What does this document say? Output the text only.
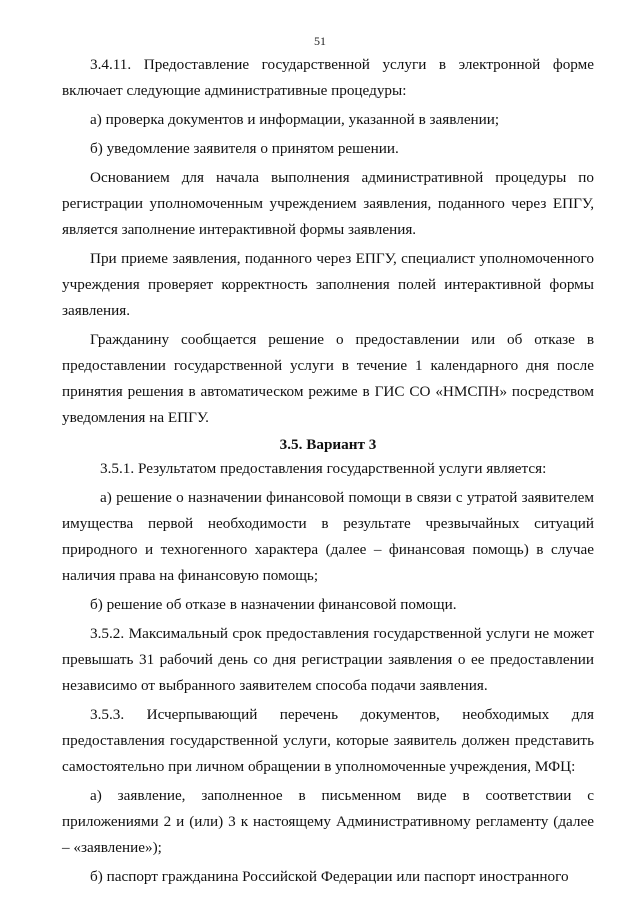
51

3.4.11. Предоставление государственной услуги в электронной форме включает следующие административные процедуры:

а) проверка документов и информации, указанной в заявлении;

б) уведомление заявителя о принятом решении.

Основанием для начала выполнения административной процедуры по регистрации уполномоченным учреждением заявления, поданного через ЕПГУ, является заполнение интерактивной формы заявления.

При приеме заявления, поданного через ЕПГУ, специалист уполномоченного учреждения проверяет корректность заполнения полей интерактивной формы заявления.

Гражданину сообщается решение о предоставлении или об отказе в предоставлении государственной услуги в течение 1 календарного дня после принятия решения в автоматическом режиме в ГИС СО «НМСПН» посредством уведомления на ЕПГУ.

3.5. Вариант 3

3.5.1. Результатом предоставления государственной услуги является:

а) решение о назначении финансовой помощи в связи с утратой заявителем имущества первой необходимости в результате чрезвычайных ситуаций природного и техногенного характера (далее – финансовая помощь) в случае наличия права на финансовую помощь;

б) решение об отказе в назначении финансовой помощи.

3.5.2. Максимальный срок предоставления государственной услуги не может превышать 31 рабочий день со дня регистрации заявления о ее предоставлении независимо от выбранного заявителем способа подачи заявления.

3.5.3. Исчерпывающий перечень документов, необходимых для предоставления государственной услуги, которые заявитель должен представить самостоятельно при личном обращении в уполномоченные учреждения, МФЦ:

а) заявление, заполненное в письменном виде в соответствии с приложениями 2 и (или) 3 к настоящему Административному регламенту (далее – «заявление»);

б) паспорт гражданина Российской Федерации или паспорт иностранного
